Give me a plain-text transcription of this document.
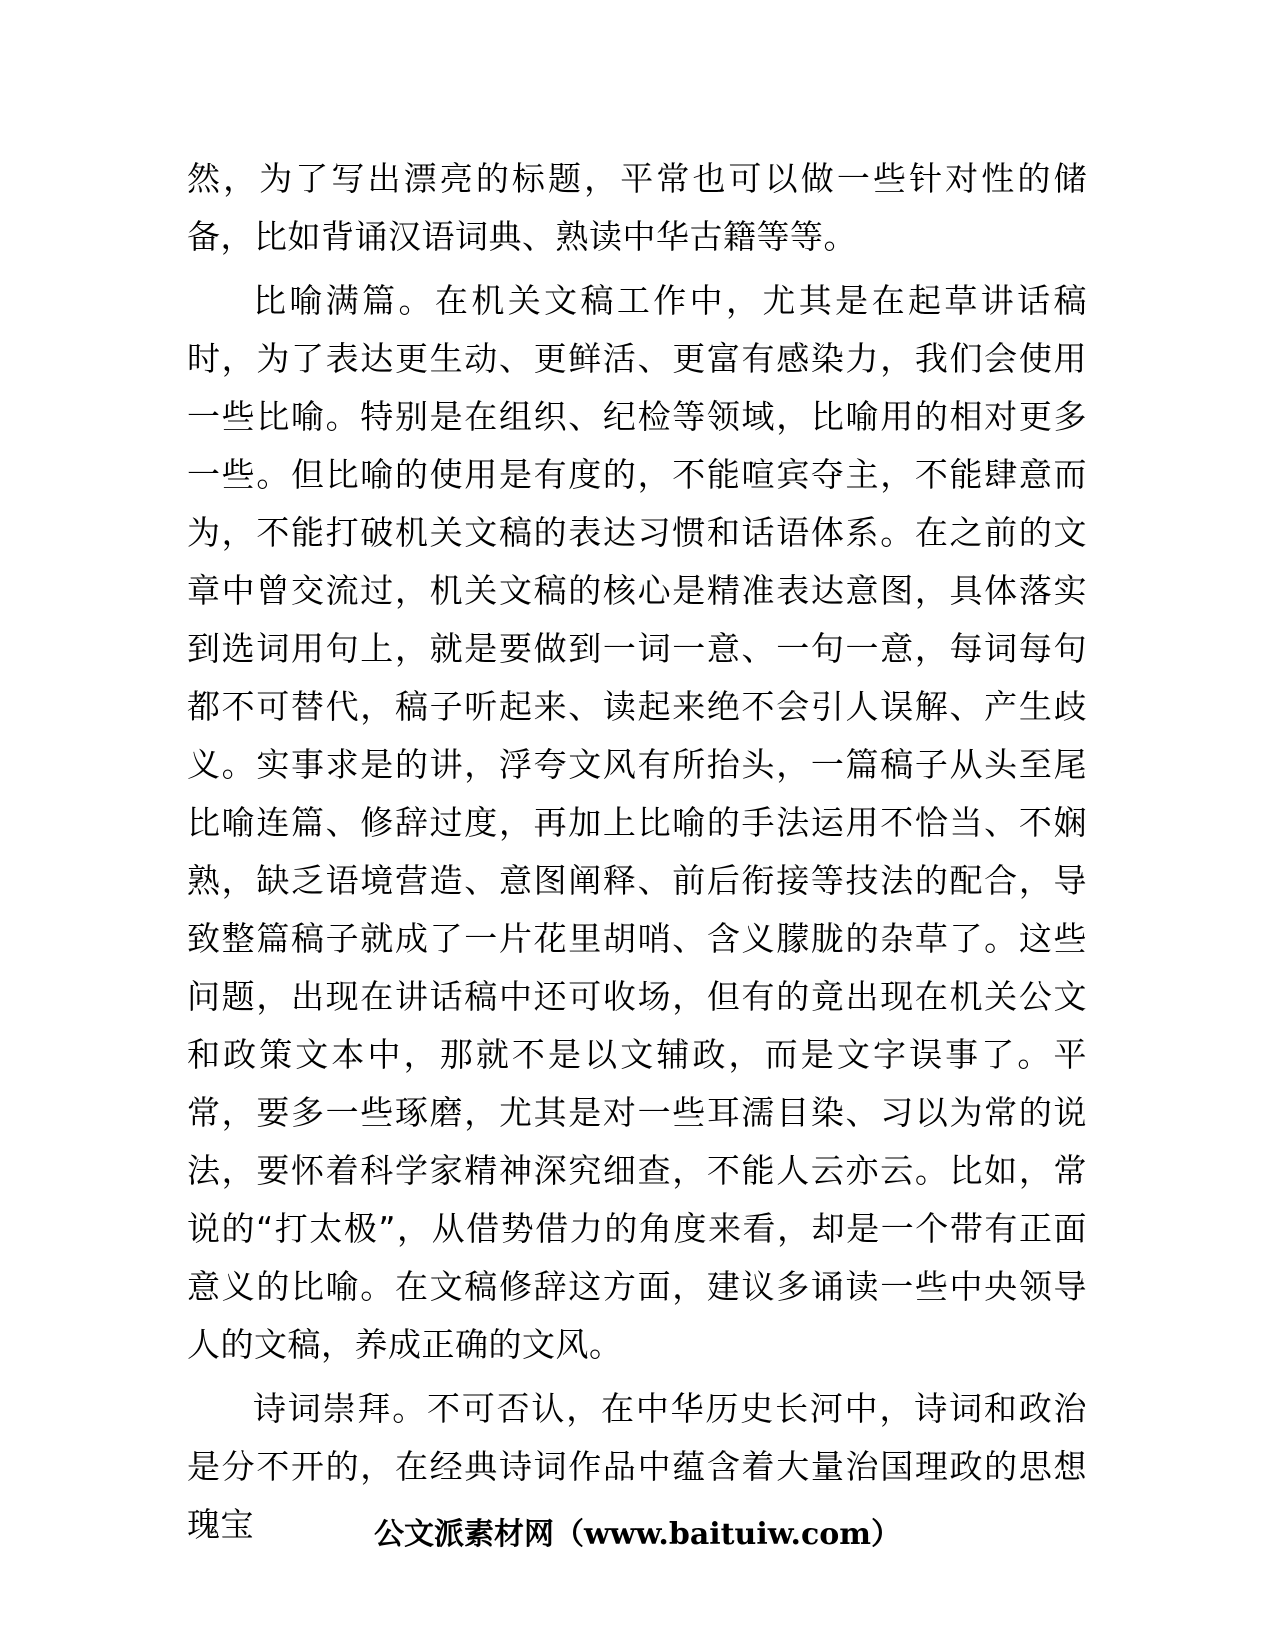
然，为了写出漂亮的标题，平常也可以做一些针对性的储备，比如背诵汉语词典、熟读中华古籍等等。

比喻满篇。在机关文稿工作中，尤其是在起草讲话稿时，为了表达更生动、更鲜活、更富有感染力，我们会使用一些比喻。特别是在组织、纪检等领域，比喻用的相对更多一些。但比喻的使用是有度的，不能喧宾夺主，不能肆意而为，不能打破机关文稿的表达习惯和话语体系。在之前的文章中曾交流过，机关文稿的核心是精准表达意图，具体落实到选词用句上，就是要做到一词一意、一句一意，每词每句都不可替代，稿子听起来、读起来绝不会引人误解、产生歧义。实事求是的讲，浮夸文风有所抬头，一篇稿子从头至尾比喻连篇、修辞过度，再加上比喻的手法运用不恰当、不娴熟，缺乏语境营造、意图阐释、前后衔接等技法的配合，导致整篇稿子就成了一片花里胡哨、含义朦胧的杂草了。这些问题，出现在讲话稿中还可收场，但有的竟出现在机关公文和政策文本中，那就不是以文辅政，而是文字误事了。平常，要多一些琢磨，尤其是对一些耳濡目染、习以为常的说法，要怀着科学家精神深究细查，不能人云亦云。比如，常说的“打太极”，从借势借力的角度来看，却是一个带有正面意义的比喻。在文稿修辞这方面，建议多诵读一些中央领导人的文稿，养成正确的文风。

诗词崇拜。不可否认，在中华历史长河中，诗词和政治是分不开的，在经典诗词作品中蕴含着大量治国理政的思想瑰宝	公文派素材网（www.baituiw.com）
